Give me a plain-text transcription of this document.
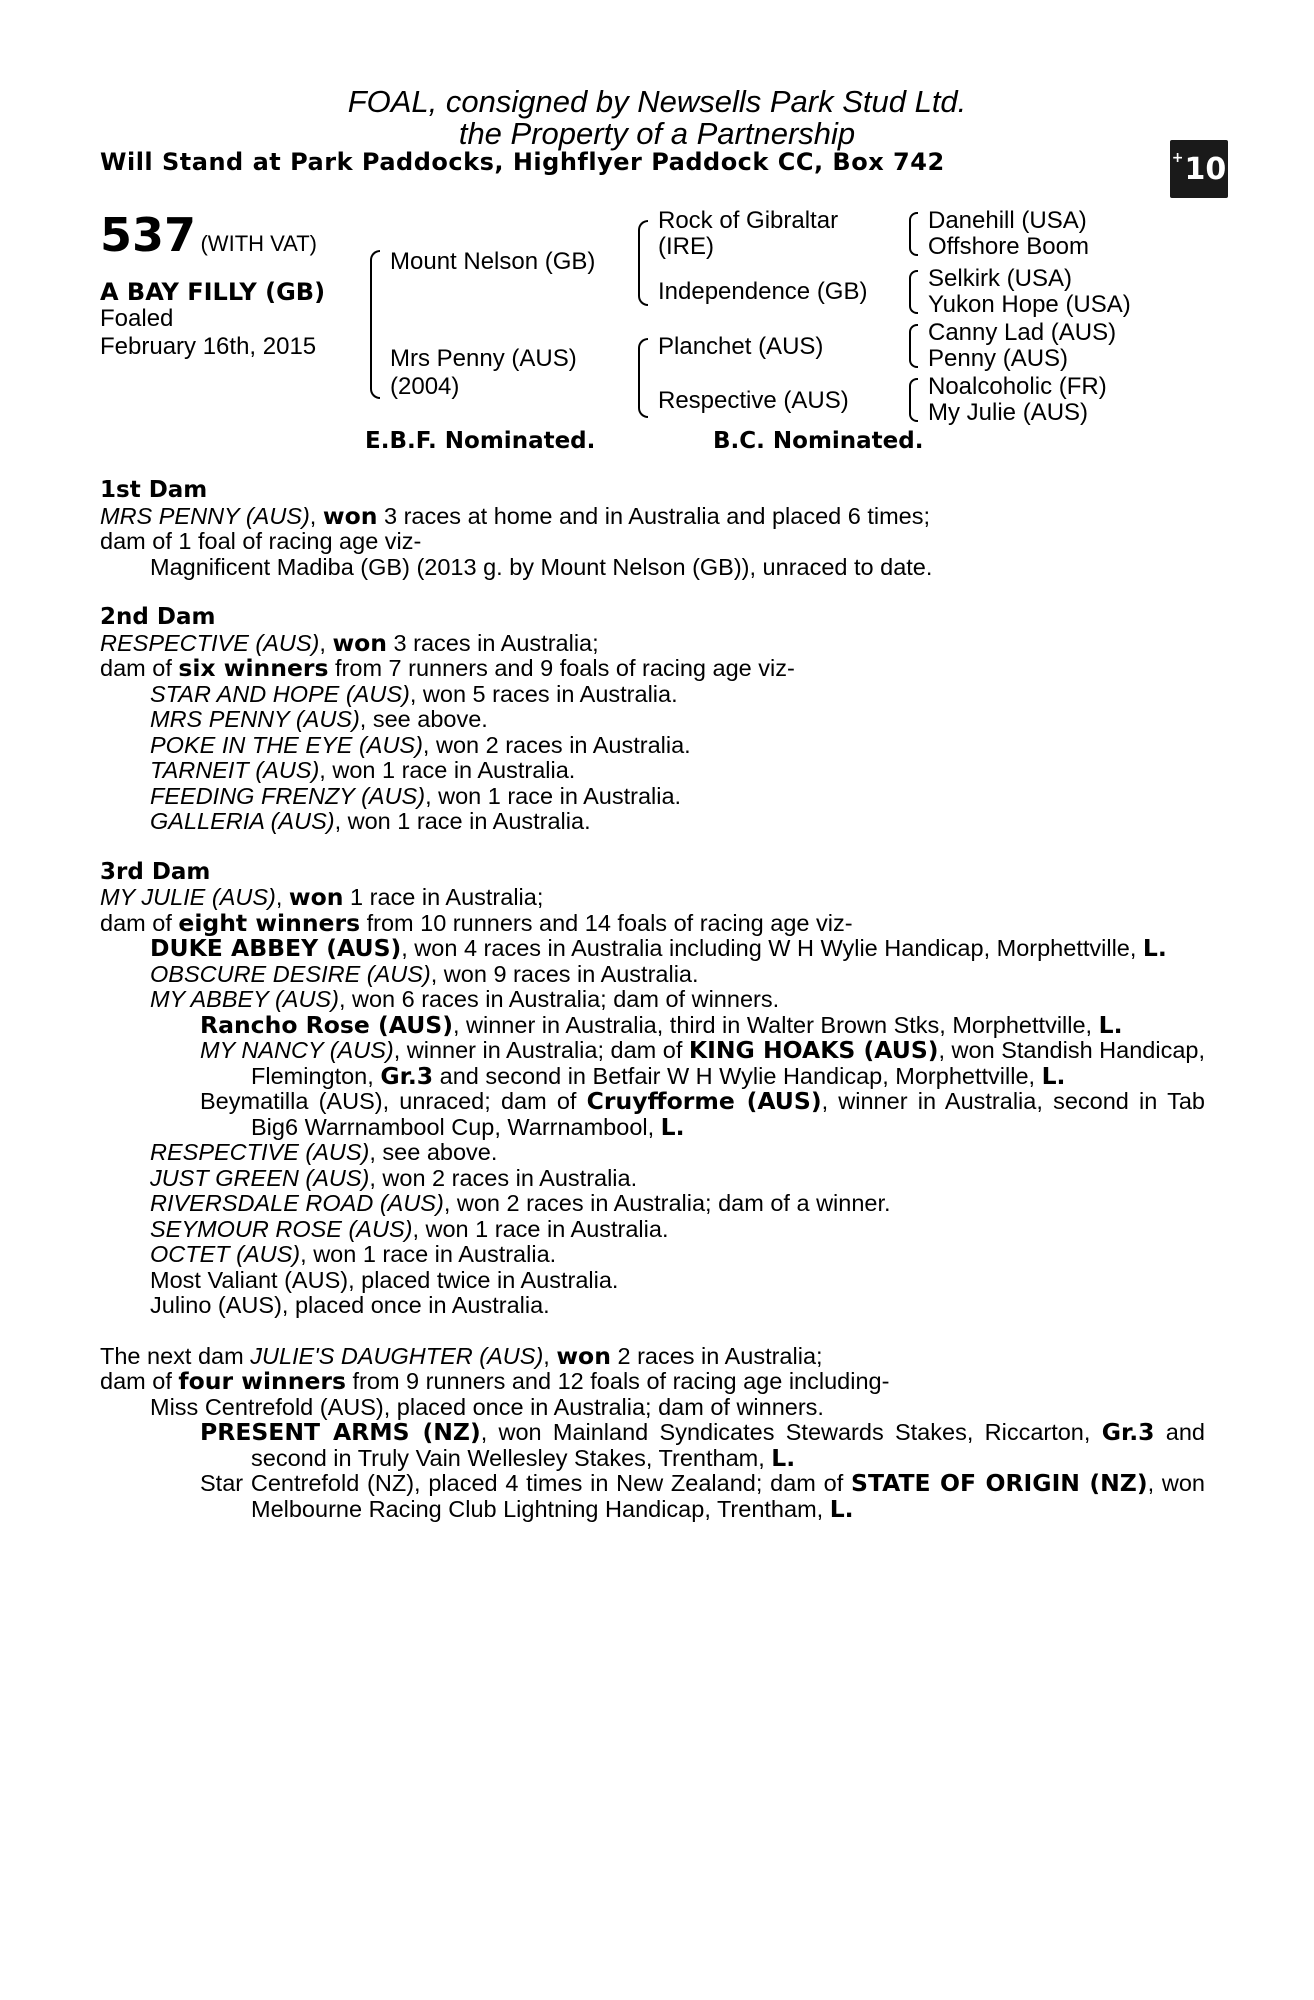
FOAL, consigned by Newsells Park Stud Ltd.
the Property of a Partnership
Will Stand at Park Paddocks, Highflyer Paddock CC, Box 742	+ 10
537 (WITH VAT)
A BAY FILLY (GB)
Foaled
February 16th, 2015
Mount Nelson (GB)
Mrs Penny (AUS)
(2004)
Rock of Gibraltar
(IRE)
Independence (GB)
Planchet (AUS)
Respective (AUS)
Danehill (USA)
Offshore Boom
Selkirk (USA)
Yukon Hope (USA)
Canny Lad (AUS)
Penny (AUS)
Noalcoholic (FR)
My Julie (AUS)
E.B.F. Nominated.	B.C. Nominated.

1st Dam

MRS PENNY (AUS), won 3 races at home and in Australia and placed 6 times;

dam of 1 foal of racing age viz-

Magnificent Madiba (GB) (2013 g. by Mount Nelson (GB)), unraced to date.

2nd Dam

RESPECTIVE (AUS), won 3 races in Australia;

dam of six winners from 7 runners and 9 foals of racing age viz-

STAR AND HOPE (AUS), won 5 races in Australia.

MRS PENNY (AUS), see above.

POKE IN THE EYE (AUS), won 2 races in Australia.

TARNEIT (AUS), won 1 race in Australia.

FEEDING FRENZY (AUS), won 1 race in Australia.

GALLERIA (AUS), won 1 race in Australia.

3rd Dam

MY JULIE (AUS), won 1 race in Australia;

dam of eight winners from 10 runners and 14 foals of racing age viz-

DUKE ABBEY (AUS), won 4 races in Australia including W H Wylie Handicap, Morphettville, L.

OBSCURE DESIRE (AUS), won 9 races in Australia.

MY ABBEY (AUS), won 6 races in Australia; dam of winners.

Rancho Rose (AUS), winner in Australia, third in Walter Brown Stks, Morphettville, L.

MY NANCY (AUS), winner in Australia; dam of KING HOAKS (AUS), won Standish Handicap, Flemington, Gr.3 and second in Betfair W H Wylie Handicap, Morphettville, L.

Beymatilla (AUS), unraced; dam of Cruyfforme (AUS), winner in Australia, second in Tab Big6 Warrnambool Cup, Warrnambool, L.

RESPECTIVE (AUS), see above.

JUST GREEN (AUS), won 2 races in Australia.

RIVERSDALE ROAD (AUS), won 2 races in Australia; dam of a winner.

SEYMOUR ROSE (AUS), won 1 race in Australia.

OCTET (AUS), won 1 race in Australia.

Most Valiant (AUS), placed twice in Australia.

Julino (AUS), placed once in Australia.

The next dam JULIE'S DAUGHTER (AUS), won 2 races in Australia;

dam of four winners from 9 runners and 12 foals of racing age including-

Miss Centrefold (AUS), placed once in Australia; dam of winners.

PRESENT ARMS (NZ), won Mainland Syndicates Stewards Stakes, Riccarton, Gr.3 and second in Truly Vain Wellesley Stakes, Trentham, L.

Star Centrefold (NZ), placed 4 times in New Zealand; dam of STATE OF ORIGIN (NZ), won Melbourne Racing Club Lightning Handicap, Trentham, L.
